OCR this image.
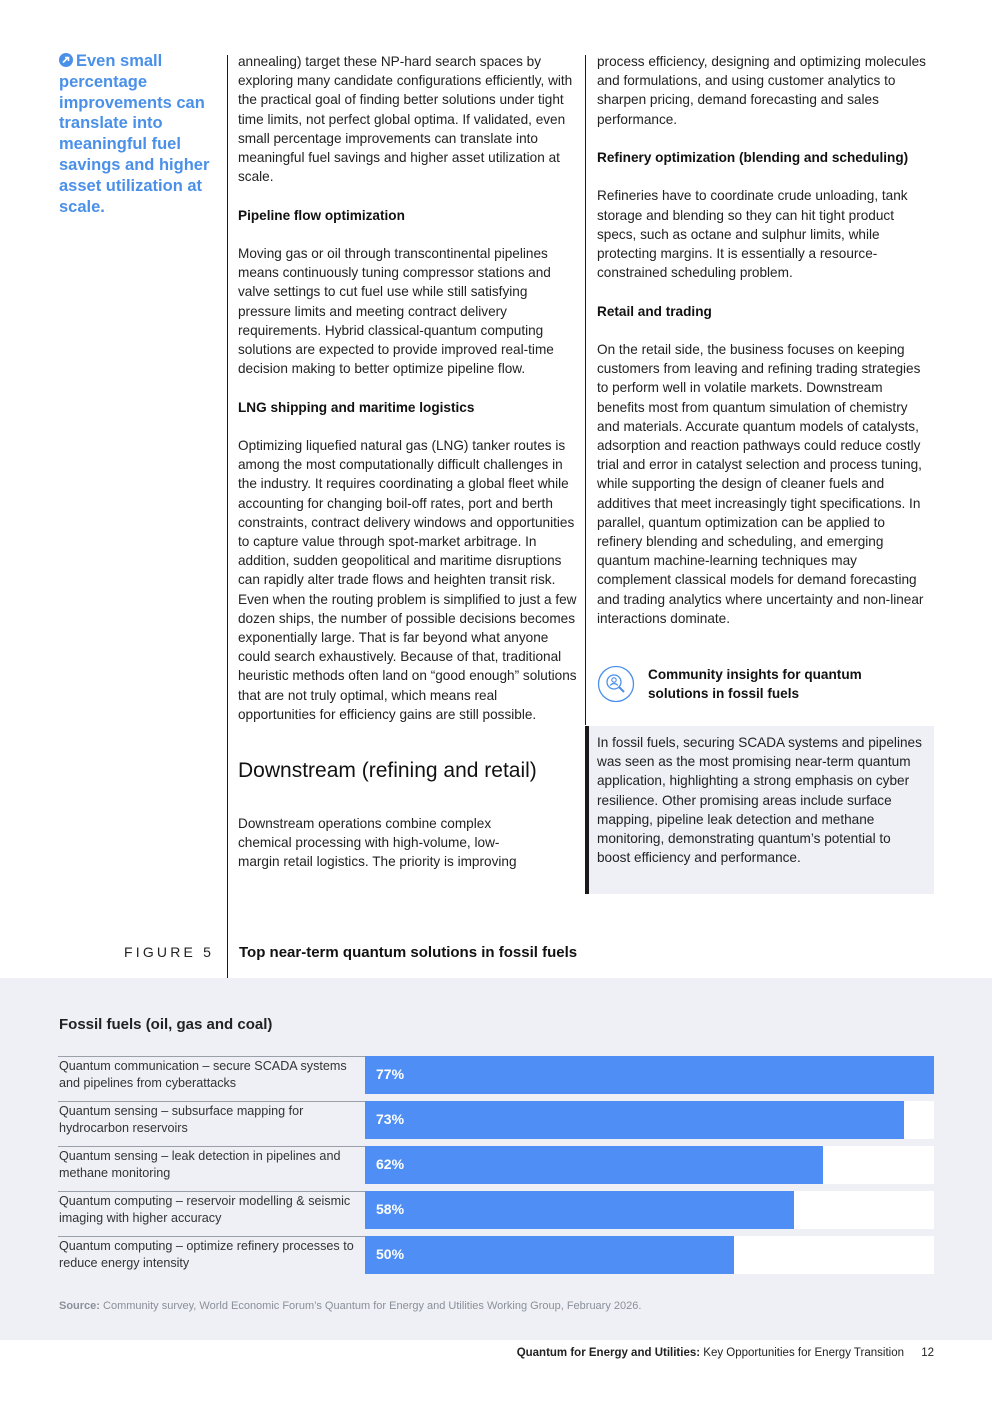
Even small percentage improvements can translate into meaningful fuel savings and higher asset utilization at scale.

annealing) target these NP-hard search spaces by exploring many candidate configurations efficiently, with the practical goal of finding better solutions under tight time limits, not perfect global optima. If validated, even small percentage improvements can translate into meaningful fuel savings and higher asset utilization at scale.

Pipeline flow optimization

Moving gas or oil through transcontinental pipelines means continuously tuning compressor stations and valve settings to cut fuel use while still satisfying pressure limits and meeting contract delivery requirements. Hybrid classical-quantum computing solutions are expected to provide improved real-time decision making to better optimize pipeline flow.

LNG shipping and maritime logistics

Optimizing liquefied natural gas (LNG) tanker routes is among the most computationally difficult challenges in the industry. It requires coordinating a global fleet while accounting for changing boil-off rates, port and berth constraints, contract delivery windows and opportunities to capture value through spot-market arbitrage. In addition, sudden geopolitical and maritime disruptions can rapidly alter trade flows and heighten transit risk. Even when the routing problem is simplified to just a few dozen ships, the number of possible decisions becomes exponentially large. That is far beyond what anyone could search exhaustively. Because of that, traditional heuristic methods often land on “good enough” solutions that are not truly optimal, which means real opportunities for efficiency gains are still possible.

Downstream (refining and retail)

Downstream operations combine complex chemical processing with high-volume, low-margin retail logistics. The priority is improving

process efficiency, designing and optimizing molecules and formulations, and using customer analytics to sharpen pricing, demand forecasting and sales performance.

Refinery optimization (blending and scheduling)

Refineries have to coordinate crude unloading, tank storage and blending so they can hit tight product specs, such as octane and sulphur limits, while protecting margins. It is essentially a resource-constrained scheduling problem.

Retail and trading

On the retail side, the business focuses on keeping customers from leaving and refining trading strategies to perform well in volatile markets. Downstream benefits most from quantum simulation of chemistry and materials. Accurate quantum models of catalysts, adsorption and reaction pathways could reduce costly trial and error in catalyst selection and process tuning, while supporting the design of cleaner fuels and additives that meet increasingly tight specifications. In parallel, quantum optimization can be applied to refinery blending and scheduling, and emerging quantum machine-learning techniques may complement classical models for demand forecasting and trading analytics where uncertainty and non-linear interactions dominate.

Community insights for quantum solutions in fossil fuels
In fossil fuels, securing SCADA systems and pipelines was seen as the most promising near-term quantum application, highlighting a strong emphasis on cyber resilience. Other promising areas include surface mapping, pipeline leak detection and methane monitoring, demonstrating quantum’s potential to boost efficiency and performance.
FIGURE 5 Top near-term quantum solutions in fossil fuels
Fossil fuels (oil, gas and coal)
Quantum communication – secure SCADA systems and pipelines from cyberattacks
77%
Quantum sensing – subsurface mapping for hydrocarbon reservoirs
73%
Quantum sensing – leak detection in pipelines and methane monitoring
62%
Quantum computing – reservoir modelling & seismic imaging with higher accuracy
58%
Quantum computing – optimize refinery processes to reduce energy intensity
50%
Source: Community survey, World Economic Forum’s Quantum for Energy and Utilities Working Group, February 2026.
Quantum for Energy and Utilities: Key Opportunities for Energy Transition 12
